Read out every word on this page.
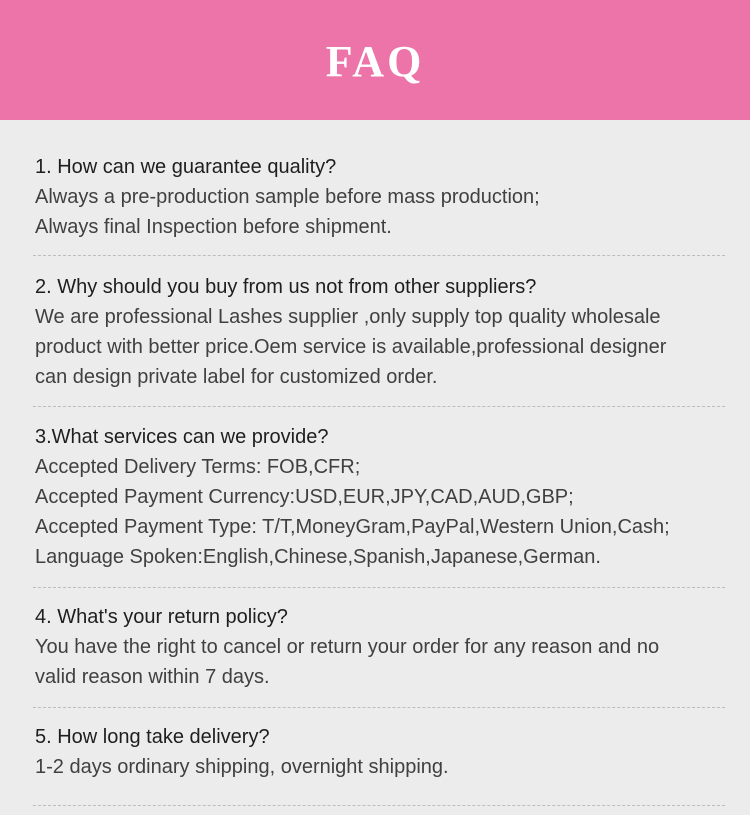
FAQ
1. How can we guarantee quality?
Always a pre-production sample before mass production;
Always final Inspection before shipment.
2. Why should you buy from us not from other suppliers?
We are professional Lashes supplier ,only supply top quality wholesale
product with better price.Oem service is available,professional designer
can design private label for customized order.
3.What services can we provide?
Accepted Delivery Terms: FOB,CFR;
Accepted Payment Currency:USD,EUR,JPY,CAD,AUD,GBP;
Accepted Payment Type: T/T,MoneyGram,PayPal,Western Union,Cash;
Language Spoken:English,Chinese,Spanish,Japanese,German.
4. What's your return policy?
You have the right to cancel or return your order for any reason and no
valid reason within 7 days.
5. How long take delivery?
1-2 days ordinary shipping, overnight shipping.
